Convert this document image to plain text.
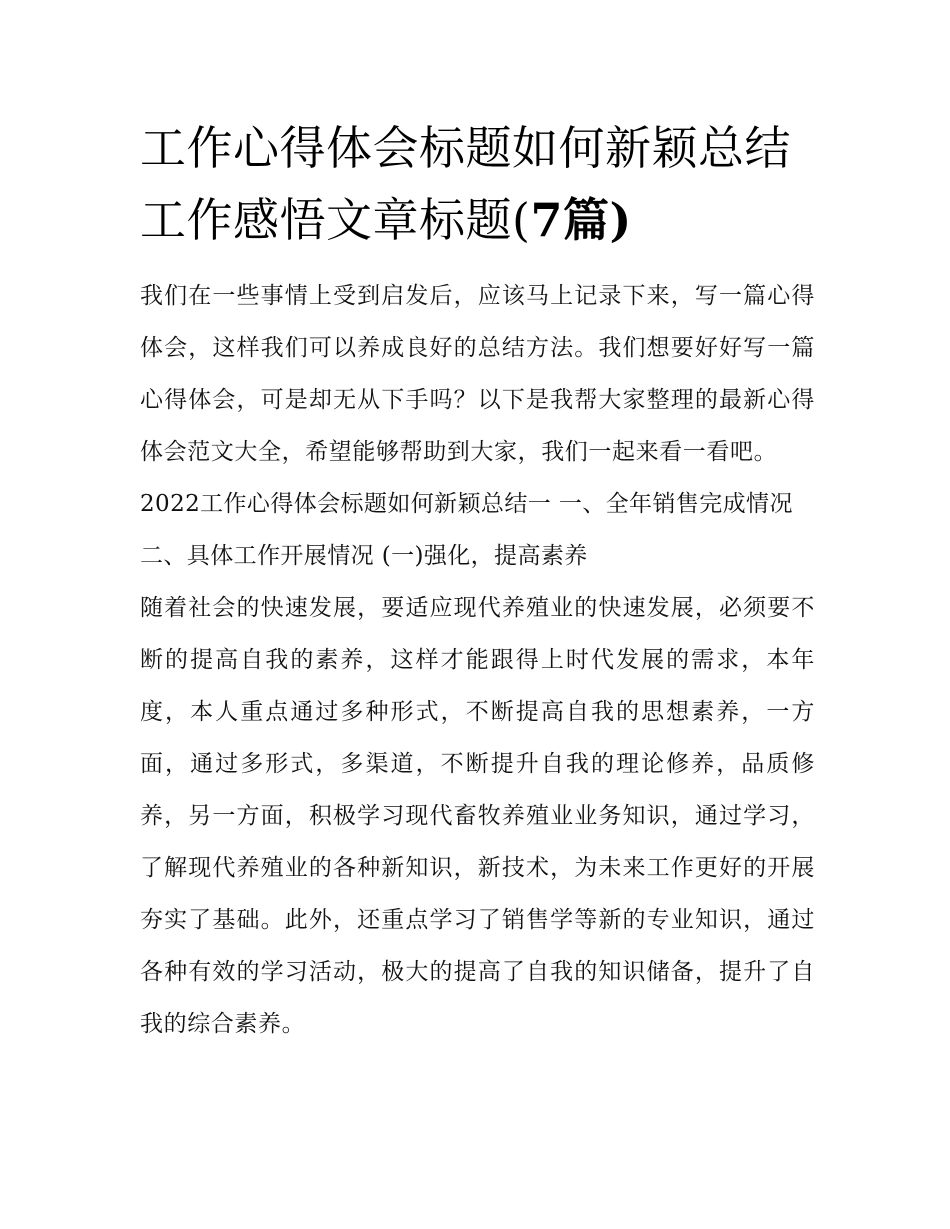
工作心得体会标题如何新颖总结 工作感悟文章标题(7篇)

我们在一些事情上受到启发后，应该马上记录下来，写一篇心得体会，这样我们可以养成良好的总结方法。我们想要好好写一篇心得体会，可是却无从下手吗？以下是我帮大家整理的最新心得体会范文大全，希望能够帮助到大家，我们一起来看一看吧。

2022工作心得体会标题如何新颖总结一 一、全年销售完成情况 二、具体工作开展情况 (一)强化，提高素养

随着社会的快速发展，要适应现代养殖业的快速发展，必须要不断的提高自我的素养，这样才能跟得上时代发展的需求，本年度，本人重点通过多种形式，不断提高自我的思想素养，一方面，通过多形式，多渠道，不断提升自我的理论修养，品质修养，另一方面，积极学习现代畜牧养殖业业务知识，通过学习，了解现代养殖业的各种新知识，新技术，为未来工作更好的开展夯实了基础。此外，还重点学习了销售学等新的专业知识，通过各种有效的学习活动，极大的提高了自我的知识储备，提升了自我的综合素养。
